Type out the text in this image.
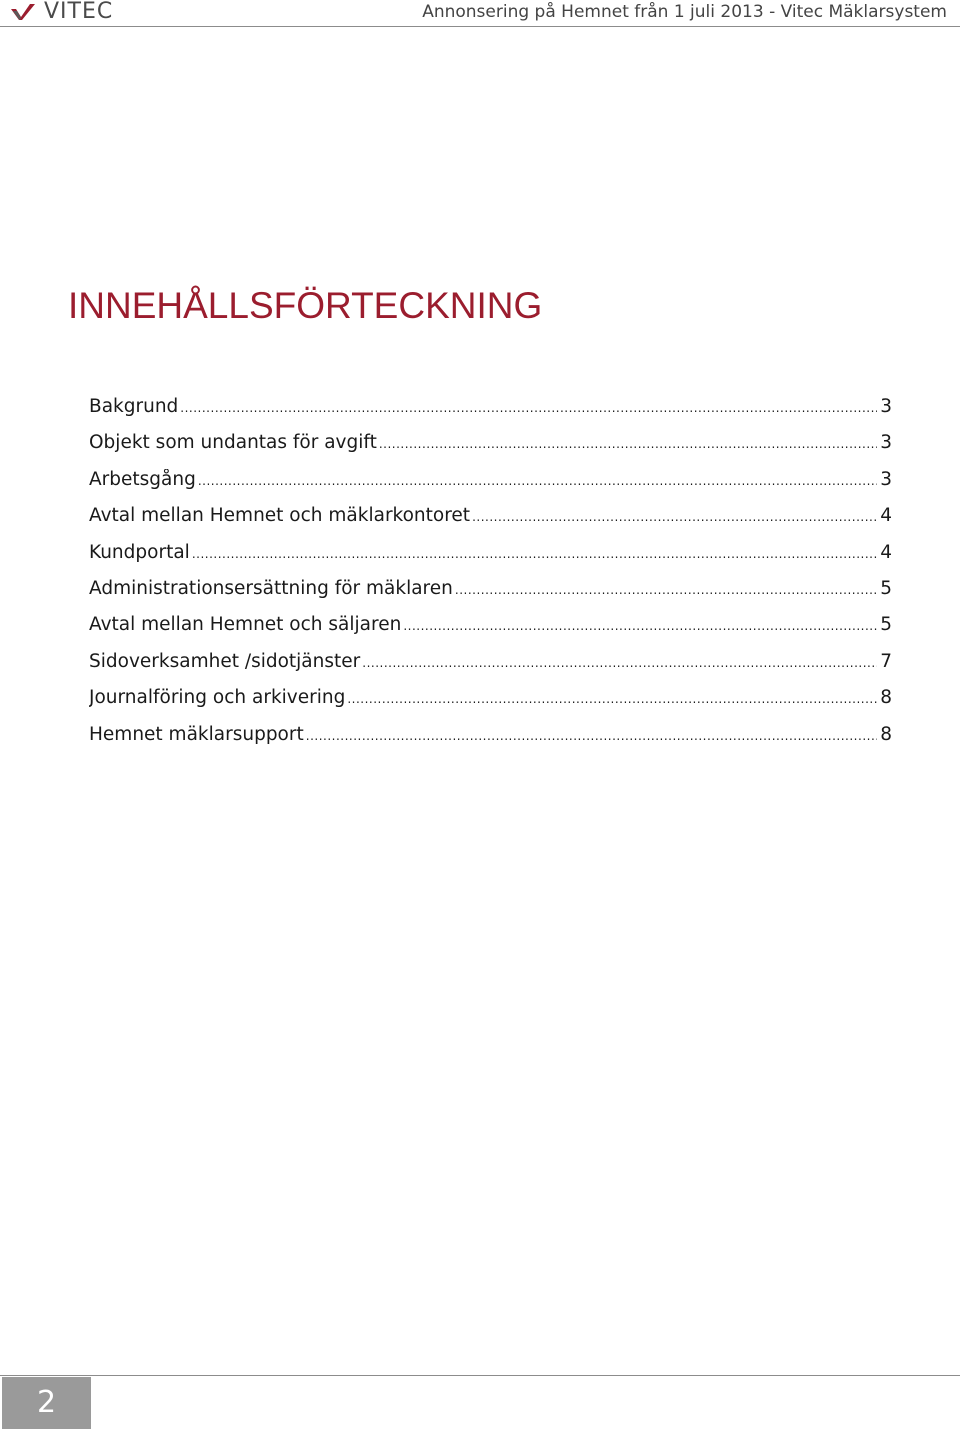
VITEC	Annonsering på Hemnet från 1 juli 2013 - Vitec Mäklarsystem
INNEHÅLLSFÖRTECKNING
Bakgrund .....	3
Objekt som undantas för avgift .....	3
Arbetsgång .....	3
Avtal mellan Hemnet och mäklarkontoret .....	4
Kundportal .....	4
Administrationsersättning för mäklaren .....	5
Avtal mellan Hemnet och säljaren .....	5
Sidoverksamhet /sidotjänster .....	7
Journalföring och arkivering .....	8
Hemnet mäklarsupport .....	8
2
